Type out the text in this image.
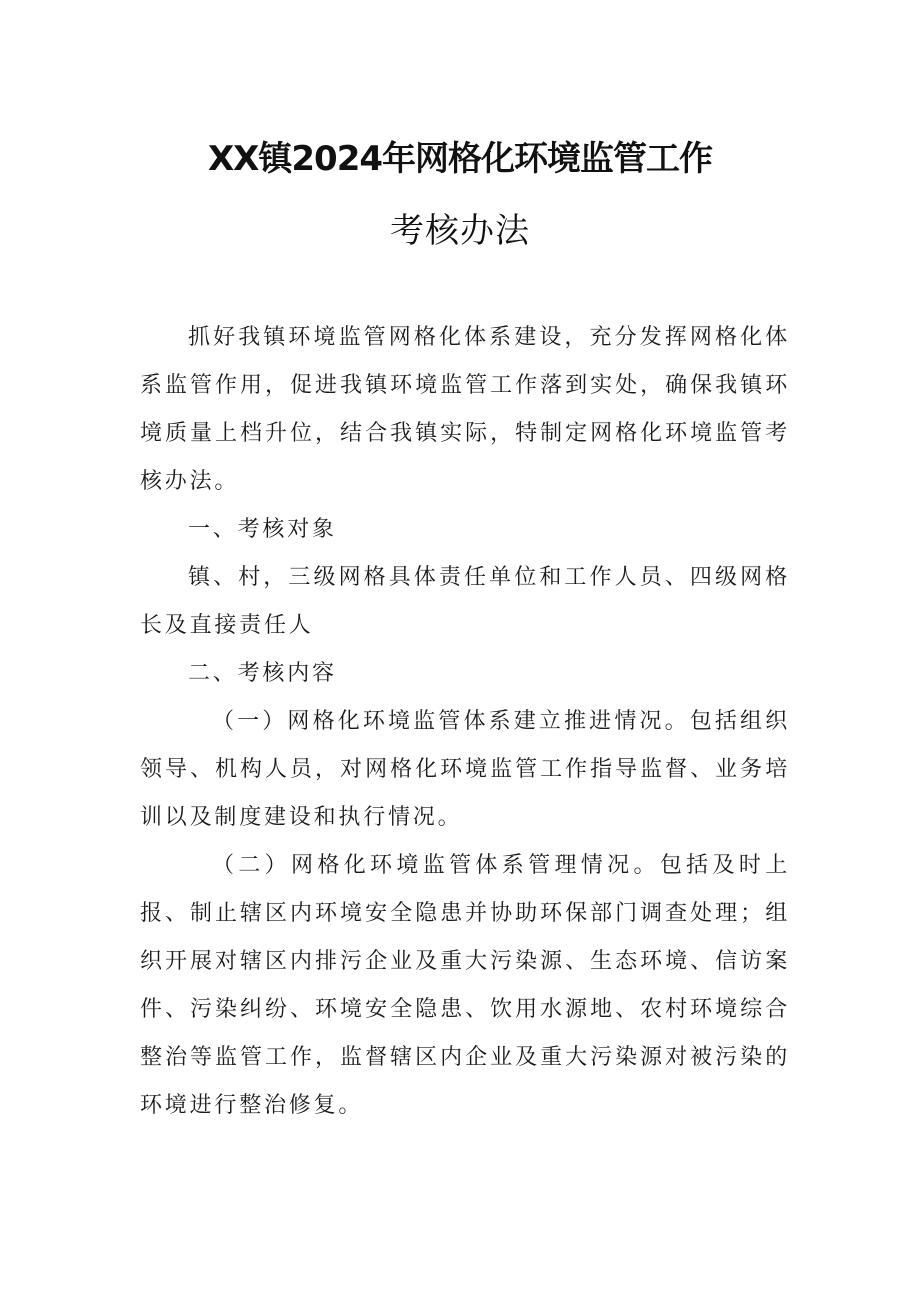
XX镇2024年网格化环境监管工作
考核办法

抓好我镇环境监管网格化体系建设，充分发挥网格化体系监管作用，促进我镇环境监管工作落到实处，确保我镇环境质量上档升位，结合我镇实际，特制定网格化环境监管考核办法。

一、考核对象

镇、村，三级网格具体责任单位和工作人员、四级网格长及直接责任人

二、考核内容

（一）网格化环境监管体系建立推进情况。包括组织领导、机构人员，对网格化环境监管工作指导监督、业务培训以及制度建设和执行情况。

（二）网格化环境监管体系管理情况。包括及时上报、制止辖区内环境安全隐患并协助环保部门调查处理；组织开展对辖区内排污企业及重大污染源、生态环境、信访案件、污染纠纷、环境安全隐患、饮用水源地、农村环境综合整治等监管工作，监督辖区内企业及重大污染源对被污染的环境进行整治修复。
